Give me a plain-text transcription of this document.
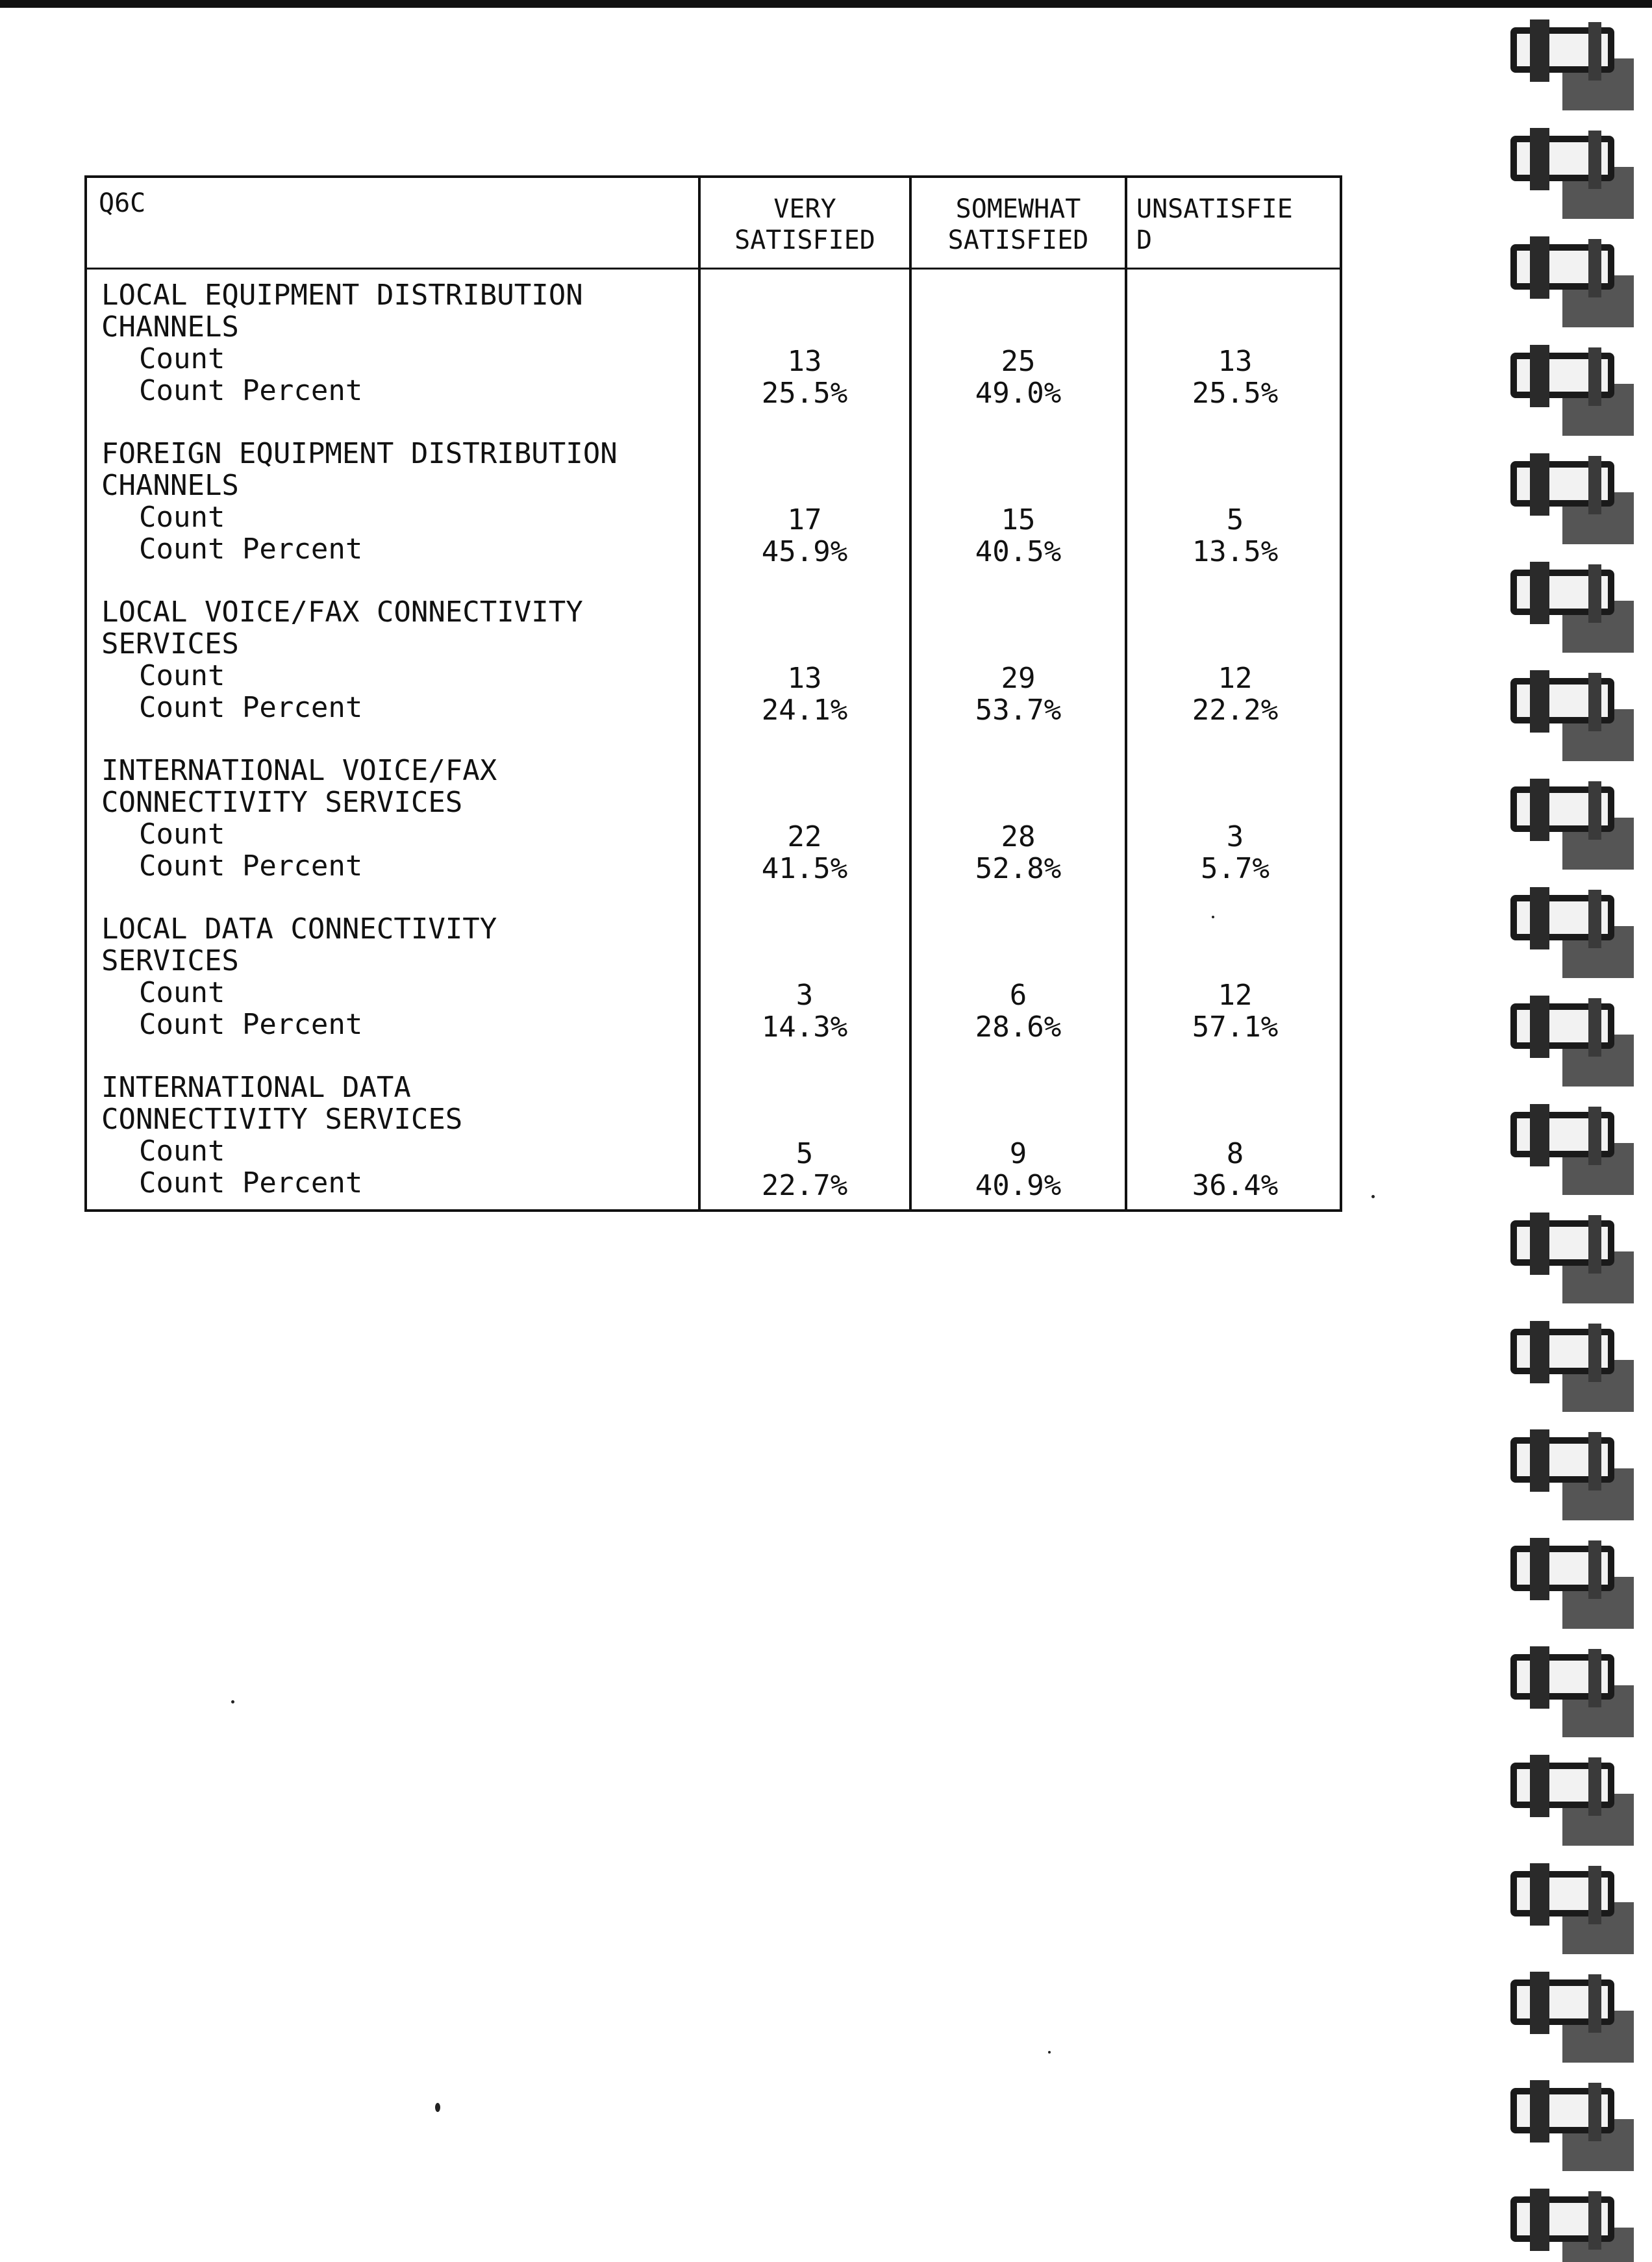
Q6C	VERY
SATISFIED
SOMEWHAT
SATISFIED
UNSATISFIE
D
LOCAL EQUIPMENT DISTRIBUTION
CHANNELS
Count
Count Percent
13
25.5%
25
49.0%
13
25.5%
FOREIGN EQUIPMENT DISTRIBUTION
CHANNELS
Count
Count Percent
17
45.9%
15
40.5%
5
13.5%
LOCAL VOICE/FAX CONNECTIVITY
SERVICES
Count
Count Percent
13
24.1%
29
53.7%
12
22.2%
INTERNATIONAL VOICE/FAX
CONNECTIVITY SERVICES
Count
Count Percent
22
41.5%
28
52.8%
3
5.7%
LOCAL DATA CONNECTIVITY
SERVICES
Count
Count Percent
3
14.3%
6
28.6%
12
57.1%
INTERNATIONAL DATA
CONNECTIVITY SERVICES
Count
Count Percent
5
22.7%
9
40.9%
8
36.4%
